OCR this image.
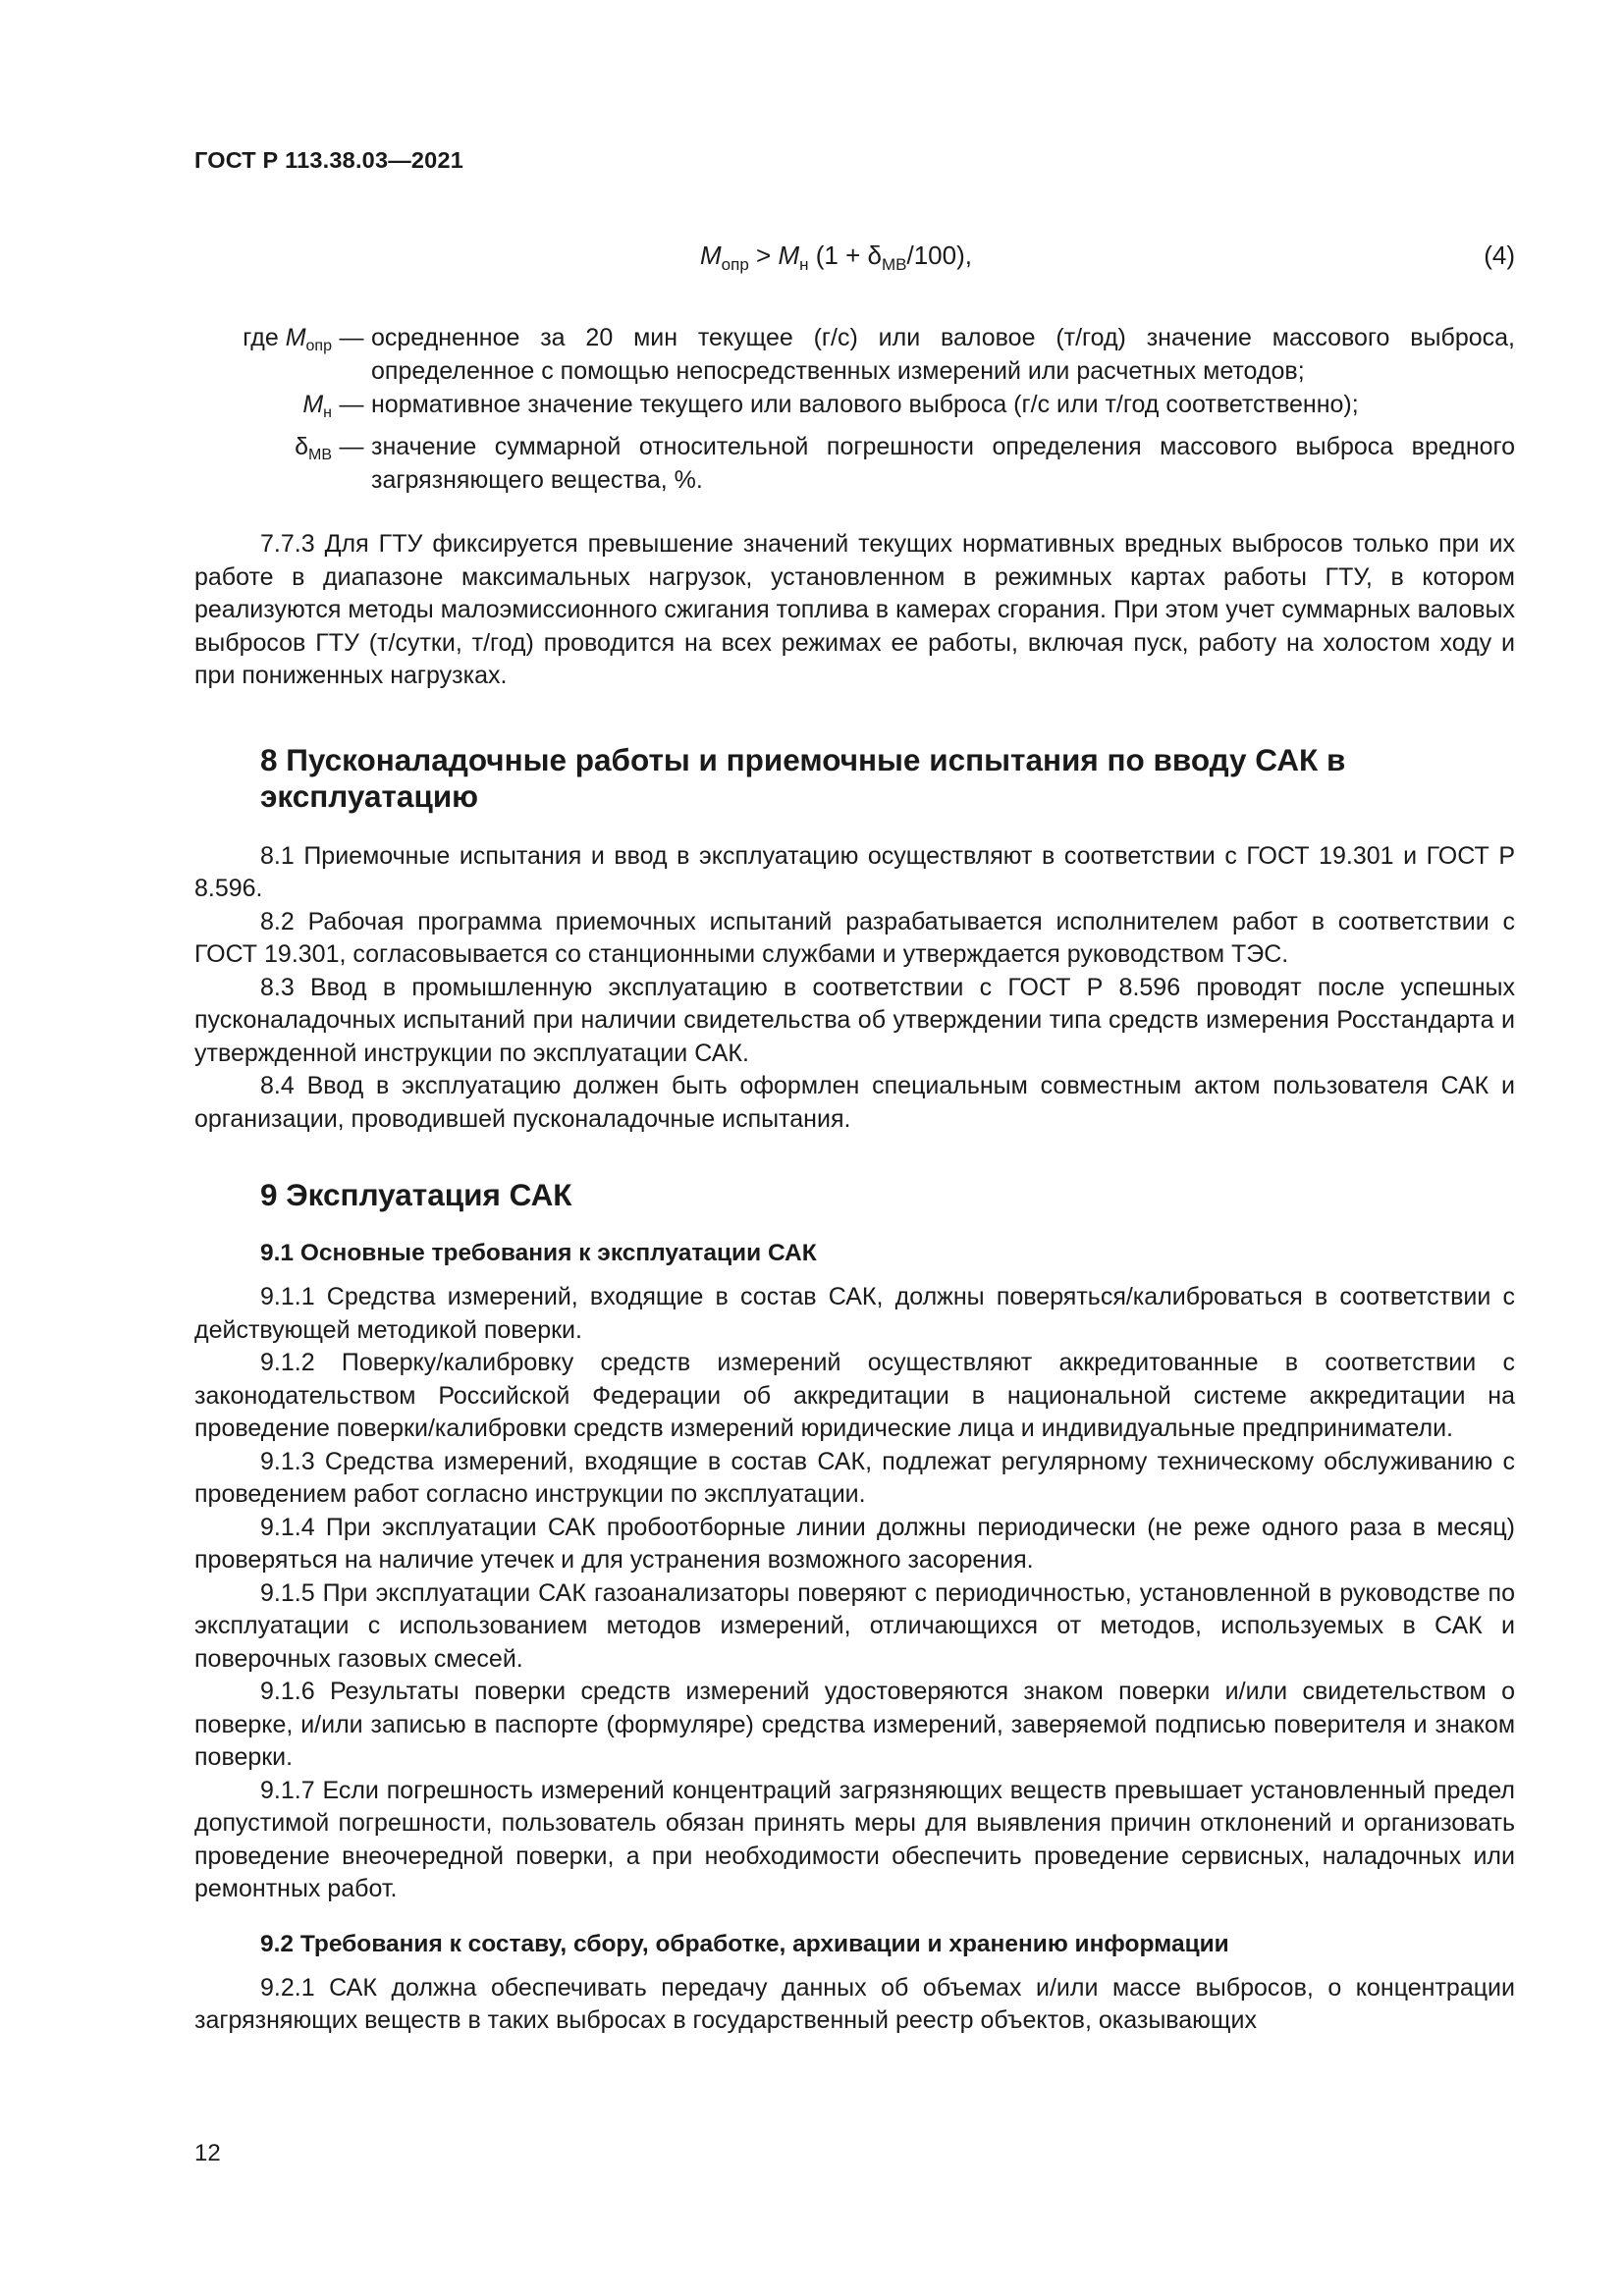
ГОСТ Р 113.38.03—2021
$M_{опр} > M_н$ $(1 + \delta_{МВ}/100)$,	(4)
где $M_{опр}$ — осредненное за 20 мин текущее (г/с) или валовое (т/год) значение массового выброса, определенное с помощью непосредственных измерений или расчетных методов;
$M_н$ — нормативное значение текущего или валового выброса (г/с или т/год соответственно);
$\delta_{МВ}$ — значение суммарной относительной погрешности определения массового выброса вредного загрязняющего вещества, %.

7.7.3 Для ГТУ фиксируется превышение значений текущих нормативных вредных выбросов только при их работе в диапазоне максимальных нагрузок, установленном в режимных картах работы ГТУ, в котором реализуются методы малоэмиссионного сжигания топлива в камерах сгорания. При этом учет суммарных валовых выбросов ГТУ (т/сутки, т/год) проводится на всех режимах ее работы, включая пуск, работу на холостом ходу и при пониженных нагрузках.

8 Пусконаладочные работы и приемочные испытания по вводу САК в эксплуатацию

8.1 Приемочные испытания и ввод в эксплуатацию осуществляют в соответствии с ГОСТ 19.301 и ГОСТ Р 8.596.

8.2 Рабочая программа приемочных испытаний разрабатывается исполнителем работ в соответствии с ГОСТ 19.301, согласовывается со станционными службами и утверждается руководством ТЭС.

8.3 Ввод в промышленную эксплуатацию в соответствии с ГОСТ Р 8.596 проводят после успешных пусконаладочных испытаний при наличии свидетельства об утверждении типа средств измерения Росстандарта и утвержденной инструкции по эксплуатации САК.

8.4 Ввод в эксплуатацию должен быть оформлен специальным совместным актом пользователя САК и организации, проводившей пусконаладочные испытания.

9 Эксплуатация САК
9.1 Основные требования к эксплуатации САК

9.1.1 Средства измерений, входящие в состав САК, должны поверяться/калиброваться в соответствии с действующей методикой поверки.

9.1.2 Поверку/калибровку средств измерений осуществляют аккредитованные в соответствии с законодательством Российской Федерации об аккредитации в национальной системе аккредитации на проведение поверки/калибровки средств измерений юридические лица и индивидуальные предприниматели.

9.1.3 Средства измерений, входящие в состав САК, подлежат регулярному техническому обслуживанию с проведением работ согласно инструкции по эксплуатации.

9.1.4 При эксплуатации САК пробоотборные линии должны периодически (не реже одного раза в месяц) проверяться на наличие утечек и для устранения возможного засорения.

9.1.5 При эксплуатации САК газоанализаторы поверяют с периодичностью, установленной в руководстве по эксплуатации с использованием методов измерений, отличающихся от методов, используемых в САК и поверочных газовых смесей.

9.1.6 Результаты поверки средств измерений удостоверяются знаком поверки и/или свидетельством о поверке, и/или записью в паспорте (формуляре) средства измерений, заверяемой подписью поверителя и знаком поверки.

9.1.7 Если погрешность измерений концентраций загрязняющих веществ превышает установленный предел допустимой погрешности, пользователь обязан принять меры для выявления причин отклонений и организовать проведение внеочередной поверки, а при необходимости обеспечить проведение сервисных, наладочных или ремонтных работ.

9.2 Требования к составу, сбору, обработке, архивации и хранению информации

9.2.1 САК должна обеспечивать передачу данных об объемах и/или массе выбросов, о концентрации загрязняющих веществ в таких выбросах в государственный реестр объектов, оказывающих

12
